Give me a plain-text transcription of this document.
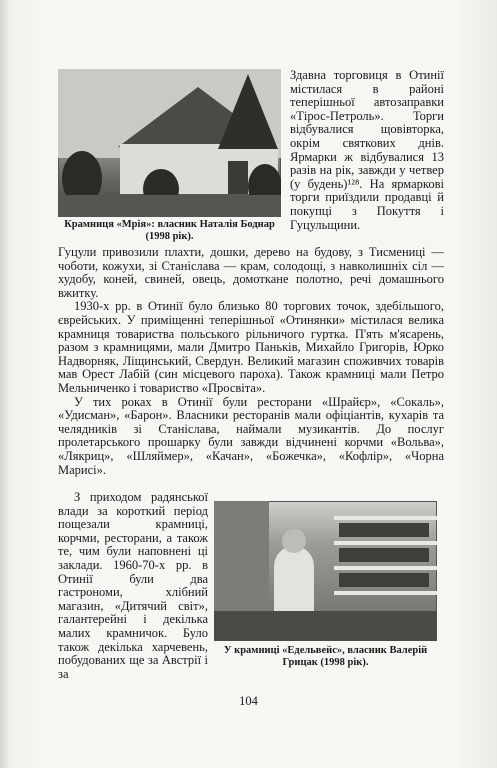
Крамниця «Мрія»: власник Наталія Боднар (1998 рік).
Здавна торговиця в Отинії містилася в районі теперішньої автозаправки «Тірос-Петроль». Торги відбувалися щовівторка, окрім святкових днів. Ярмарки ж відбувалися 13 разів на рік, завжди у четвер (у будень)¹²⁸. На ярмаркові торги приїздили продавці й покупці з Покуття і Гуцульщини.

Гуцули привозили плахти, дошки, дерево на будову, з Тисмениці — чоботи, кожухи, зі Станіслава — крам, солодощі, з навколишніх сіл — худобу, коней, свиней, овець, домоткане полотно, речі домашнього вжитку.

1930-х рр. в Отинії було близько 80 торгових точок, здебільшого, єврейських. У приміщенні теперішньої «Отинянки» містилася велика крамниця товариства польського рільничого гуртка. П'ять м'ясарень, разом з крамницями, мали Дмитро Паньків, Михайло Григорів, Юрко Надворняк, Ліщинський, Свердун. Великий магазин споживчих товарів мав Орест Лабій (син місцевого пароха). Також крамниці мали Петро Мельниченко і товариство «Просвіта».

У тих роках в Отинії були ресторани «Шрайєр», «Сокаль», «Удисман», «Барон». Власники ресторанів мали офіціантів, кухарів та челядників зі Станіслава, наймали музикантів. До послуг пролетарського прошарку були завжди відчинені корчми «Вольва», «Лякриц», «Шляймер», «Качан», «Божечка», «Кофлір», «Чорна Марисі».

З приходом радянської влади за короткий період пощезали крамниці, корчми, ресторани, а також те, чим були наповнені ці заклади. 1960-70-х рр. в Отинії були два гастрономи, хлібний магазин, «Дитячий світ», галантерейні і декілька малих крамничок. Було також декілька харчевень, побудованих ще за Австрії і за
У крамниці «Едельвейс», власник Валерій Грицак (1998 рік).
104
